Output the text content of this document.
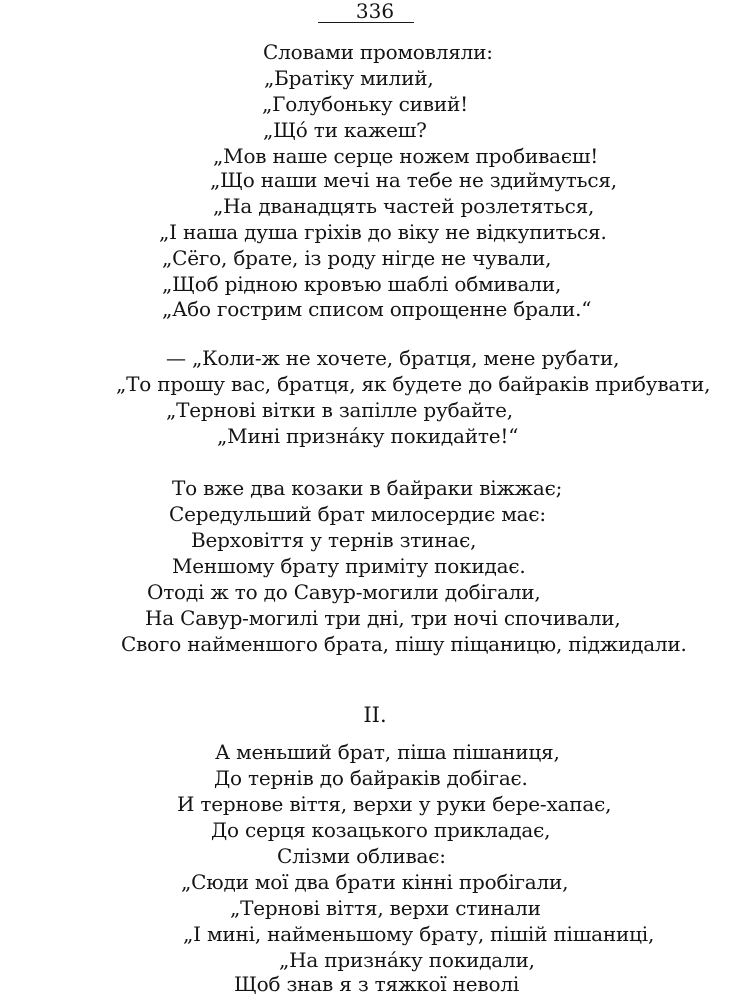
336
Словами промовляли:
„Братіку милий,
„Голубоньку сивий!
„Щó ти кажеш?
„Мов наше серце ножем пробиваєш!
„Що наши мечі на тебе не здиймуться,
„На дванадцять частей розлетяться,
„І наша душа гріхів до віку не відкупиться.
„Сёго, брате, із роду нігде не чували,
„Щоб рідною кровъю шаблі обмивали,
„Або гострим списом опрощенне брали.“
— „Коли-ж не хочете, братця, мене рубати,
„То прошу вас, братця, як будете до байраків прибувати,
„Тернові вітки в запілле рубайте,
„Мині признáку покидайте!“
То вже два козаки в байраки вiжжає;
Середульший брат милосердиє має:
Верховіття у тернів зтинає,
Меншому брату приміту покидає.
Отоді ж то до Савур-могили добігали,
На Савур-могилі три дні, три ночі спочивали,
Свого найменшого брата, пішу піщаницю, піджидали.
II.
А меньший брат, піша пішаниця,
До тернів до байраків добігає.
И тернове віття, верхи у руки бере-хапає,
До серця козацького прикладає,
Слізми обливає:
„Сюди мої два брати кінні пробігали,
„Тернові віття, верхи стинали
„І мині, найменьшому брату, пішій пішаниці,
„На признáку покидали,
Щоб знав я з тяжкої неволі
